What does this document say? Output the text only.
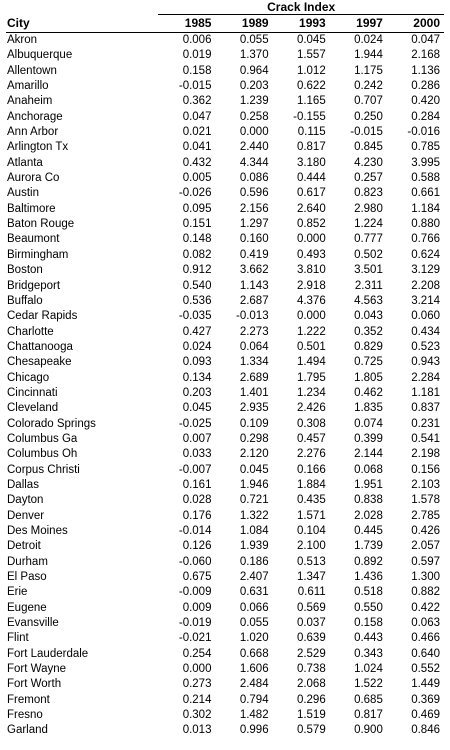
	Crack Index				
City	1985	1989	1993	1997	2000
Akron	0.006	0.055	0.045	0.024	0.047
Albuquerque	0.019	1.370	1.557	1.944	2.168
Allentown	0.158	0.964	1.012	1.175	1.136
Amarillo	-0.015	0.203	0.622	0.242	0.286
Anaheim	0.362	1.239	1.165	0.707	0.420
Anchorage	0.047	0.258	-0.155	0.250	0.284
Ann Arbor	0.021	0.000	0.115	-0.015	-0.016
Arlington Tx	0.041	2.440	0.817	0.845	0.785
Atlanta	0.432	4.344	3.180	4.230	3.995
Aurora Co	0.005	0.086	0.444	0.257	0.588
Austin	-0.026	0.596	0.617	0.823	0.661
Baltimore	0.095	2.156	2.640	2.980	1.184
Baton Rouge	0.151	1.297	0.852	1.224	0.880
Beaumont	0.148	0.160	0.000	0.777	0.766
Birmingham	0.082	0.419	0.493	0.502	0.624
Boston	0.912	3.662	3.810	3.501	3.129
Bridgeport	0.540	1.143	2.918	2.311	2.208
Buffalo	0.536	2.687	4.376	4.563	3.214
Cedar Rapids	-0.035	-0.013	0.000	0.043	0.060
Charlotte	0.427	2.273	1.222	0.352	0.434
Chattanooga	0.024	0.064	0.501	0.829	0.523
Chesapeake	0.093	1.334	1.494	0.725	0.943
Chicago	0.134	2.689	1.795	1.805	2.284
Cincinnati	0.203	1.401	1.234	0.462	1.181
Cleveland	0.045	2.935	2.426	1.835	0.837
Colorado Springs	-0.025	0.109	0.308	0.074	0.231
Columbus Ga	0.007	0.298	0.457	0.399	0.541
Columbus Oh	0.033	2.120	2.276	2.144	2.198
Corpus Christi	-0.007	0.045	0.166	0.068	0.156
Dallas	0.161	1.946	1.884	1.951	2.103
Dayton	0.028	0.721	0.435	0.838	1.578
Denver	0.176	1.322	1.571	2.028	2.785
Des Moines	-0.014	1.084	0.104	0.445	0.426
Detroit	0.126	1.939	2.100	1.739	2.057
Durham	-0.060	0.186	0.513	0.892	0.597
El Paso	0.675	2.407	1.347	1.436	1.300
Erie	-0.009	0.631	0.611	0.518	0.882
Eugene	0.009	0.066	0.569	0.550	0.422
Evansville	-0.019	0.055	0.037	0.158	0.063
Flint	-0.021	1.020	0.639	0.443	0.466
Fort Lauderdale	0.254	0.668	2.529	0.343	0.640
Fort Wayne	0.000	1.606	0.738	1.024	0.552
Fort Worth	0.273	2.484	2.068	1.522	1.449
Fremont	0.214	0.794	0.296	0.685	0.369
Fresno	0.302	1.482	1.519	0.817	0.469
Garland	0.013	0.996	0.579	0.900	0.846
